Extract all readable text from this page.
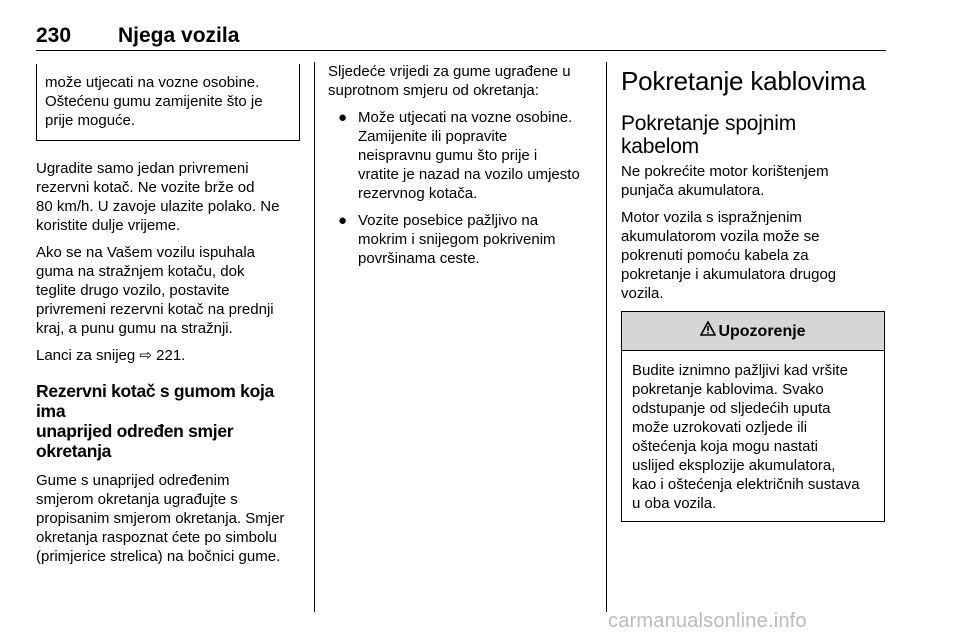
230 Njega vozila

može utjecati na vozne osobine.

Oštećenu gumu zamijenite što je

prije moguće.

Ugradite samo jedan privremeni

rezervni kotač. Ne vozite brže od

80 km/h. U zavoje ulazite polako. Ne

koristite dulje vrijeme.

Ako se na Vašem vozilu ispuhala

guma na stražnjem kotaču, dok

teglite drugo vozilo, postavite

privremeni rezervni kotač na prednji

kraj, a punu gumu na stražnji.

Lanci za snijeg ⇨ 221.

Rezervni kotač s gumom koja ima

unaprijed određen smjer

okretanja

Gume s unaprijed određenim

smjerom okretanja ugrađujte s

propisanim smjerom okretanja. Smjer

okretanja raspoznat ćete po simbolu

(primjerice strelica) na bočnici gume.

Sljedeće vrijedi za gume ugrađene u

suprotnom smjeru od okretanja:

● Može utjecati na vozne osobine.

Zamijenite ili popravite

neispravnu gumu što prije i

vratite je nazad na vozilo umjesto

rezervnog kotača.

● Vozite posebice pažljivo na

mokrim i snijegom pokrivenim

površinama ceste.

Pokretanje kablovima

Pokretanje spojnim

kabelom

Ne pokrećite motor korištenjem

punjača akumulatora.

Motor vozila s ispražnjenim

akumulatorom vozila može se

pokrenuti pomoću kabela za

pokretanje i akumulatora drugog

vozila.

Upozorenje

Budite iznimno pažljivi kad vršite

pokretanje kablovima. Svako

odstupanje od sljedećih uputa

može uzrokovati ozljede ili

oštećenja koja mogu nastati

uslijed eksplozije akumulatora,

kao i oštećenja električnih sustava

u oba vozila.

carmanualsonline.info
